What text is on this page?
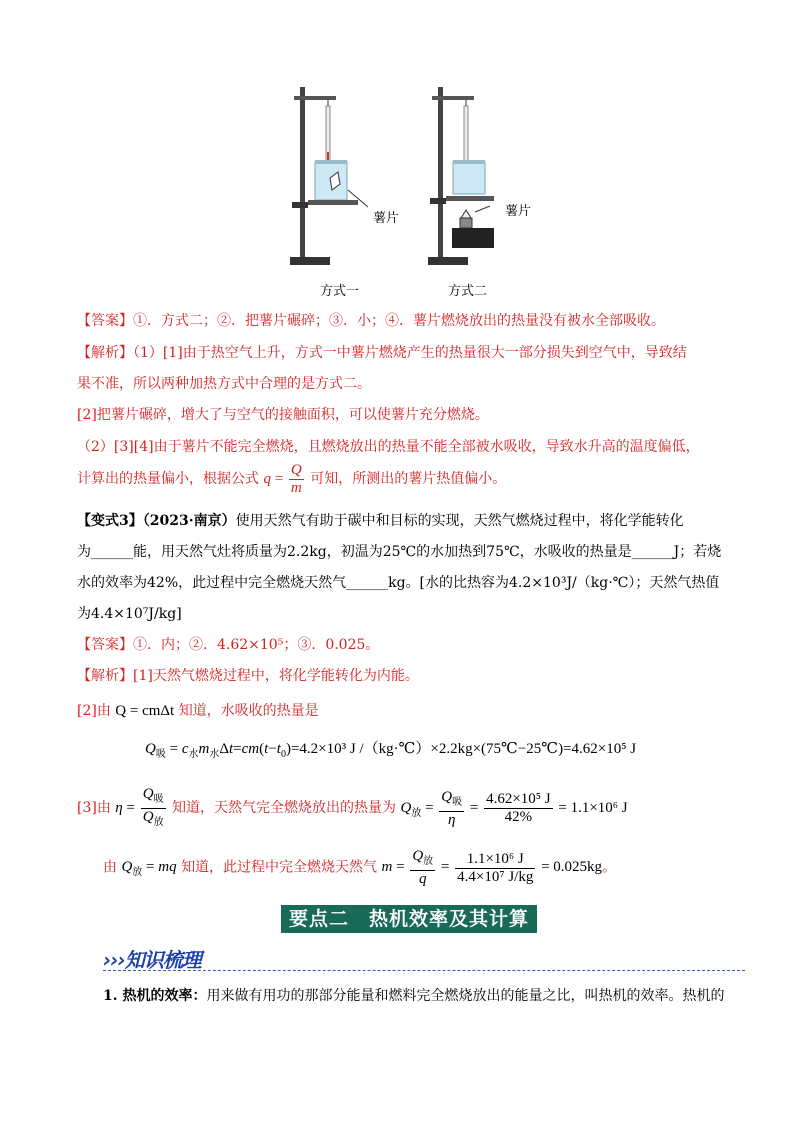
薯片	薯片
方式一	方式二
【答案】①．方式二；②．把薯片碾碎；③．小；④．薯片燃烧放出的热量没有被水全部吸收。
【解析】（1）[1]由于热空气上升，方式一中薯片燃烧产生的热量很大一部分损失到空气中，导致结
果不准，所以两种加热方式中合理的是方式二。
[2]把薯片碾碎，增大了与空气的接触面积，可以使薯片充分燃烧。
（2）[3][4]由于薯片不能完全燃烧，且燃烧放出的热量不能全部被水吸收，导致水升高的温度偏低，
计算出的热量偏小，根据公式 $q = \frac{Q}{m}$ 可知，所测出的薯片热值偏小。
【变式3】（2023·南京）使用天然气有助于碳中和目标的实现，天然气燃烧过程中，将化学能转化
为______能，用天然气灶将质量为2.2kg，初温为25℃的水加热到75℃，水吸收的热量是______J；若烧
水的效率为42%，此过程中完全燃烧天然气______kg。[水的比热容为4.2×10³J/（kg·℃）；天然气热值
为4.4×10⁷J/kg]
【答案】①．内；②．4.62×10⁵；③．0.025。
【解析】[1]天然气燃烧过程中，将化学能转化为内能。
[2]由 Q = cmΔt 知道，水吸收的热量是
$Q_吸 = c_水m_水\Delta t=cm(t-t_0)=4.2\times 10^3$ J /（kg·℃）×2.2kg×(75℃−25℃)=4.62×10⁵ J
[3]由 $\eta = \frac{Q_吸}{Q_放}$ 知道，天然气完全燃烧放出的热量为 $Q_放 = \frac{Q_吸}{\eta} = \frac{\text{4.62×10⁵ J}}{42\%} = 1.1\times 10^6$ J
由 $Q_放$ = mq 知道，此过程中完全燃烧天然气 $m = \frac{Q_放}{q} = \frac{\text{1.1×10⁶ J}}{\text{4.4×10⁷ J/kg}} = 0.025kg$。
要点二　热机效率及其计算
›››知识梳理
1. 热机的效率：用来做有用功的那部分能量和燃料完全燃烧放出的能量之比，叫热机的效率。热机的
